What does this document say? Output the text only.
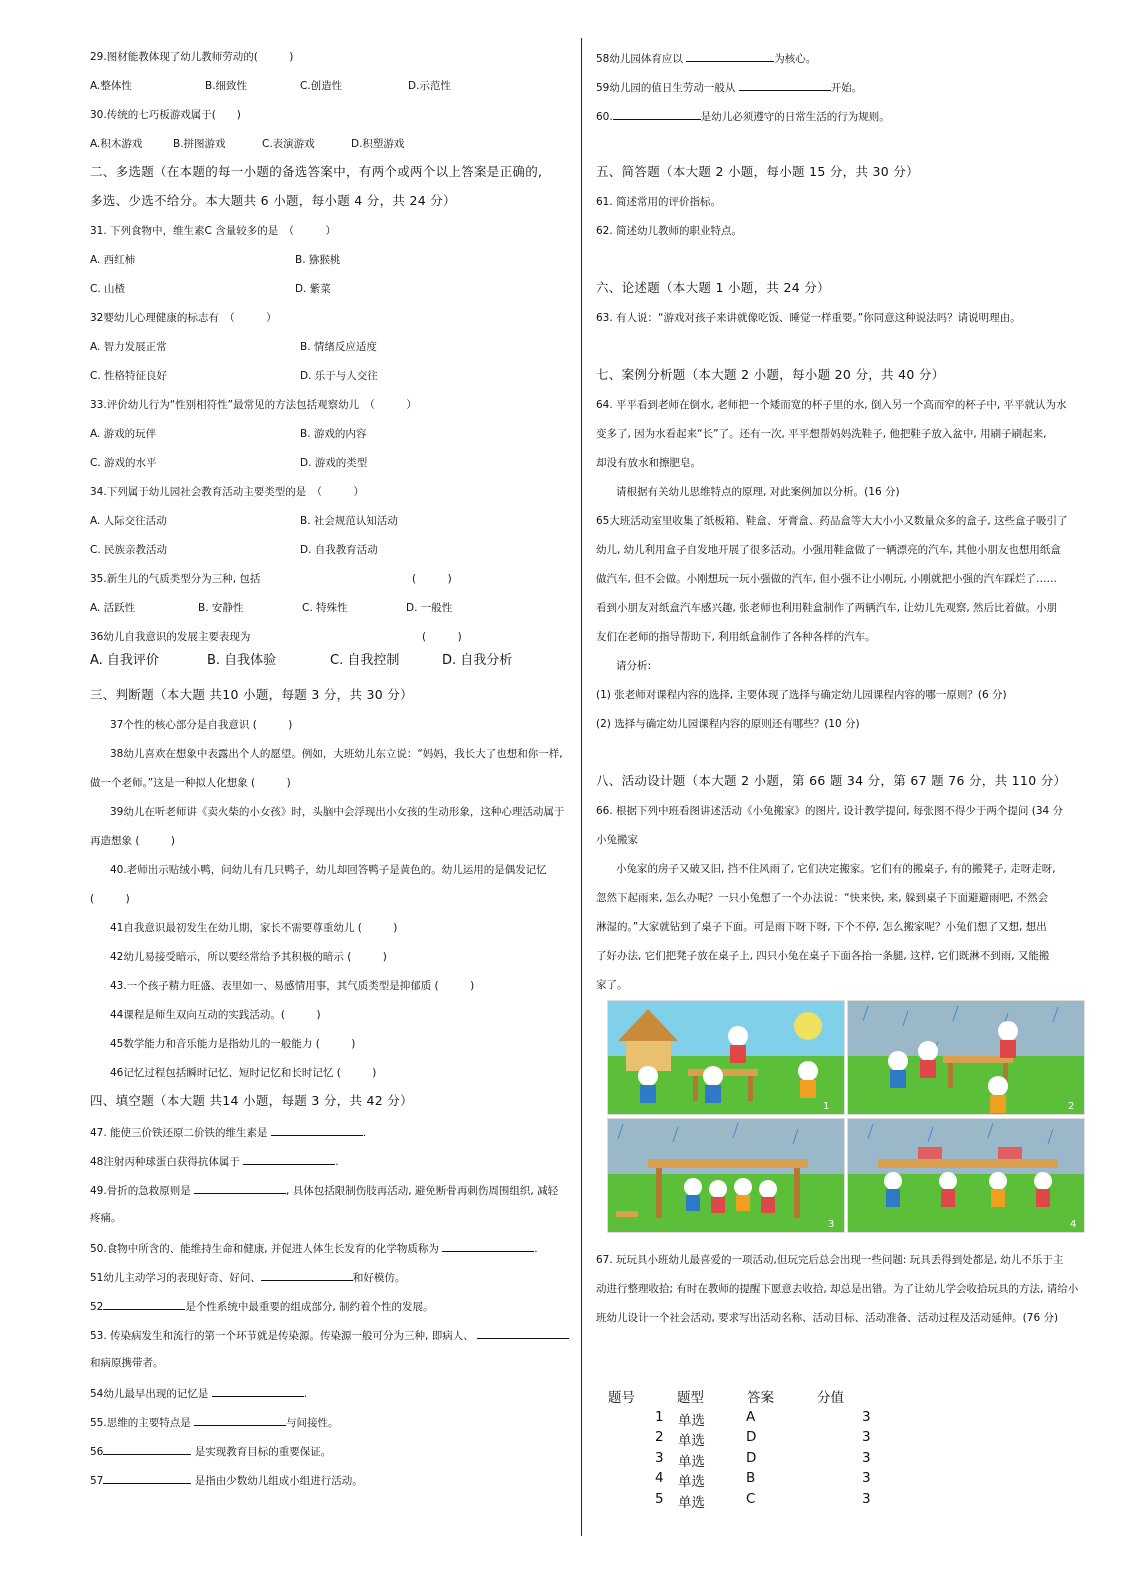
29.图材能教体现了幼儿教师劳动的(　　　)
A.整体性	B.细致性	C.创造性	D.示范性
30.传统的七巧板游戏属于(　　)
A.积木游戏	B.拼图游戏	C.表演游戏	D.积塑游戏
二、多选题（在本题的每一小题的备选答案中，有两个或两个以上答案是正确的,
多选、少选不给分。本大题共 6 小题，每小题 4 分，共 24 分）
31. 下列食物中，维生素C 含量较多的是　（　　　）
A. 西红柿	B. 猕猴桃
C. 山楂	D. 紫菜
32婴幼儿心理健康的标志有　（　　　）
A. 智力发展正常	B. 情绪反应适度
C. 性格特征良好	D. 乐于与人交往
33.评价幼儿行为“性别相符性”最常见的方法包括观察幼儿　（　　　）
A. 游戏的玩伴	B. 游戏的内容
C. 游戏的水平	D. 游戏的类型
34.下列属于幼儿园社会教育活动主要类型的是　（　　　）
A. 人际交往活动	B. 社会规范认知活动
C. 民族亲教活动	D. 自我教育活动
35.新生儿的气质类型分为三种, 包括	(　　　)
A. 活跃性	B. 安静性	C. 特殊性	D. 一般性
36幼儿自我意识的发展主要表现为	(　　　)
A. 自我评价	B. 自我体验	C. 自我控制	D. 自我分析
三、判断题（本大题 共10 小题，每题 3 分，共 30 分）
37个性的核心部分是自我意识 (　　　)
38幼儿喜欢在想象中表露出个人的愿望。例如，大班幼儿东立说：“妈妈，我长大了也想和你一样,
做一个老师。”这是一种拟人化想象 (　　　)
39幼儿在听老师讲《卖火柴的小女孩》时，头脑中会浮现出小女孩的生动形象，这种心理活动属于
再造想象 (　　　)
40.老师出示贴绒小鸭，问幼儿有几只鸭子，幼儿却回答鸭子是黄色的。幼儿运用的是偶发记忆
(　　　)
41自我意识最初发生在幼儿期，家长不需要尊重幼儿 (　　　)
42幼儿易接受暗示，所以要经常给予其积极的暗示 (　　　)
43.一个孩子精力旺盛、表里如一、易感情用事，其气质类型是抑郁质 (　　　)
44课程是师生双向互动的实践活动。(　　　)
45数学能力和音乐能力是指幼儿的一般能力 (　　　)
46记忆过程包括瞬时记忆、短时记忆和长时记忆 (　　　)
四、填空题（本大题 共14 小题，每题 3 分，共 42 分）
47. 能使三价铁还原二价铁的维生素是	.
48注射丙种球蛋白获得抗体属于	.
49.骨折的急救原则是	, 具体包括限制伤肢再活动, 避免断骨再刺伤周围组织, 减轻
疼痛。
50.食物中所含的、能维持生命和健康, 并促进人体生长发育的化学物质称为	.
51幼儿主动学习的表现好奇、好问、	和好模仿。
52	是个性系统中最重要的组成部分, 制约着个性的发展。
53. 传染病发生和流行的第一个环节就是传染源。传染源一般可分为三种, 即病人、
和病原携带者。
54幼儿最早出现的记忆是	.
55.思维的主要特点是	与间接性。
56	是实现教育目标的重要保证。
57	是指由少数幼儿组成小组进行活动。
58幼儿园体育应以	为核心。
59幼儿园的值日生劳动一般从	开始。
60.	是幼儿必须遵守的日常生活的行为规则。
五、简答题（本大题 2 小题，每小题 15 分，共 30 分）
61. 简述常用的评价指标。
62. 简述幼儿教师的职业特点。
六、论述题（本大题 1 小题，共 24 分）
63. 有人说：“游戏对孩子来讲就像吃饭、睡觉一样重要。”你同意这种说法吗？请说明理由。
七、案例分析题（本大题 2 小题，每小题 20 分，共 40 分）
64. 平平看到老师在倒水, 老师把一个矮而宽的杯子里的水, 倒入另一个高而窄的杯子中, 平平就认为水
变多了, 因为水看起来“长”了。还有一次, 平平想帮妈妈洗鞋子, 他把鞋子放入盆中, 用刷子刷起来,
却没有放水和擦肥皂。
请根据有关幼儿思维特点的原理, 对此案例加以分析。(16 分)
65大班活动室里收集了纸板箱、鞋盒、牙膏盒、药品盒等大大小小又数量众多的盒子, 这些盒子吸引了
幼儿, 幼儿利用盒子自发地开展了很多活动。小强用鞋盒做了一辆漂亮的汽车, 其他小朋友也想用纸盒
做汽车, 但不会做。小刚想玩一玩小强做的汽车, 但小强不让小刚玩, 小刚就把小强的汽车踩烂了……
看到小朋友对纸盒汽车感兴趣, 张老师也利用鞋盒制作了两辆汽车, 让幼儿先观察, 然后比着做。小朋
友们在老师的指导帮助下, 利用纸盒制作了各种各样的汽车。
请分析:
(1) 张老师对课程内容的选择, 主要体现了选择与确定幼儿园课程内容的哪一原则？(6 分)
(2) 选择与确定幼儿园课程内容的原则还有哪些？(10 分)
八、活动设计题（本大题 2 小题，第 66 题 34 分，第 67 题 76 分，共 110 分）
66. 根据下列中班看图讲述活动《小兔搬家》的图片, 设计教学提问, 每张图不得少于两个提问 (34 分
小兔搬家
小兔家的房子又破又旧, 挡不住风雨了, 它们决定搬家。它们有的搬桌子, 有的搬凳子, 走呀走呀,
忽然下起雨来, 怎么办呢？一只小兔想了一个办法说：“快来快, 来, 躲到桌子下面避避雨吧, 不然会
淋湿的。”大家就钻到了桌子下面。可是雨下呀下呀, 下个不停, 怎么搬家呢？小兔们想了又想, 想出
了好办法, 它们把凳子放在桌子上, 四只小兔在桌子下面各抬一条腿, 这样, 它们既淋不到雨, 又能搬
家了。
67. 玩玩具小班幼儿最喜爱的一项活动,但玩完后总会出现一些问题: 玩具丢得到处都是, 幼儿不乐于主
动进行整理收拾; 有时在教师的提醒下愿意去收拾, 却总是出错。为了让幼儿学会收拾玩具的方法, 请给小
班幼儿设计一个社会活动, 要求写出活动名称、活动目标、活动准备、活动过程及活动延伸。(76 分)
1	2
3	4
题号	题型	答案	分值
1 单选	A	3
2 单选	D	3
3 单选	D	3
4 单选	B	3
5 单选	C	3
